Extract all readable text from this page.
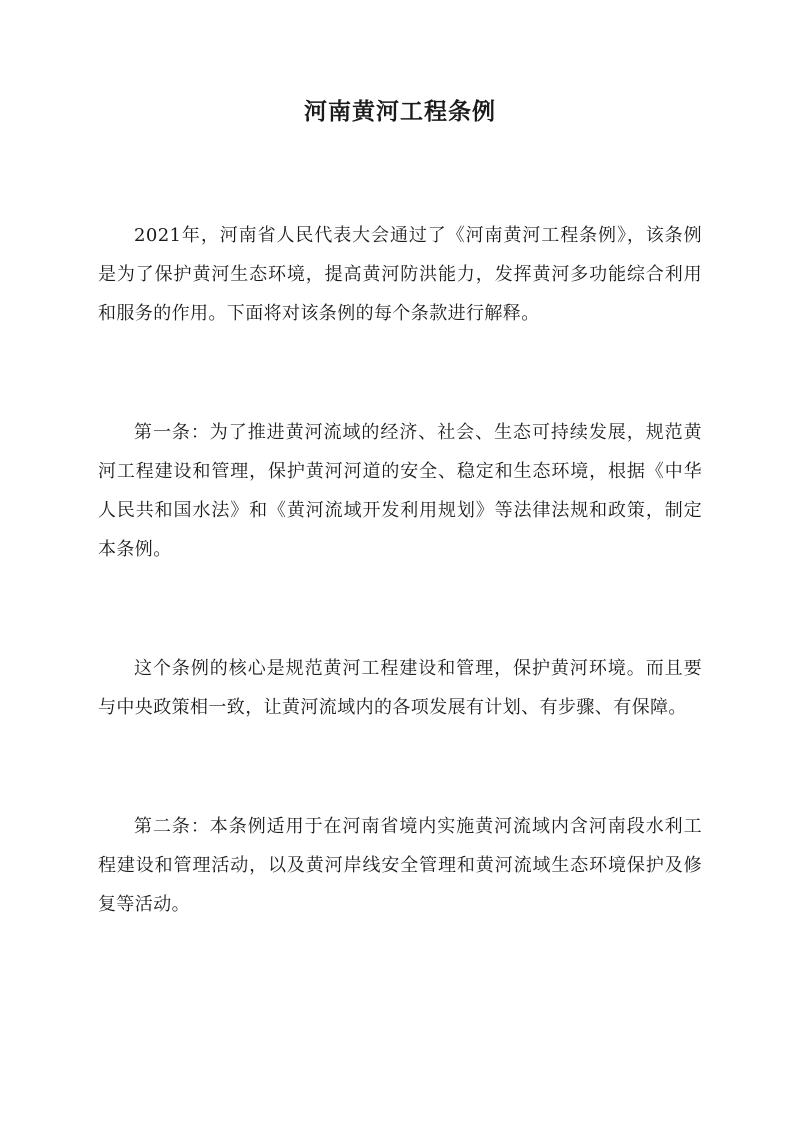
河南黄河工程条例

2021年，河南省人民代表大会通过了《河南黄河工程条例》，该条例是为了保护黄河生态环境，提高黄河防洪能力，发挥黄河多功能综合利用和服务的作用。下面将对该条例的每个条款进行解释。

第一条：为了推进黄河流域的经济、社会、生态可持续发展，规范黄河工程建设和管理，保护黄河河道的安全、稳定和生态环境，根据《中华人民共和国水法》和《黄河流域开发利用规划》等法律法规和政策，制定本条例。

这个条例的核心是规范黄河工程建设和管理，保护黄河环境。而且要与中央政策相一致，让黄河流域内的各项发展有计划、有步骤、有保障。

第二条：本条例适用于在河南省境内实施黄河流域内含河南段水利工程建设和管理活动，以及黄河岸线安全管理和黄河流域生态环境保护及修复等活动。
